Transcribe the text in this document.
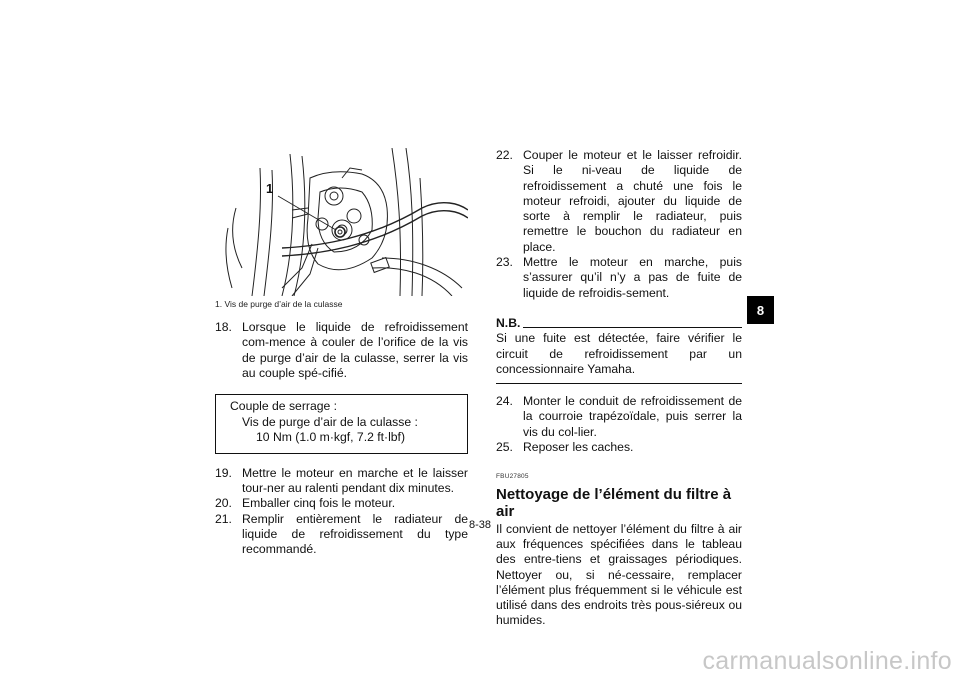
1
1. Vis de purge d’air de la culasse

18. Lorsque le liquide de refroidissement com-mence à couler de l’orifice de la vis de purge d’air de la culasse, serrer la vis au couple spé-cifié.

Couple de serrage :
Vis de purge d’air de la culasse :
10 Nm (1.0 m·kgf, 7.2 ft·lbf)

19. Mettre le moteur en marche et le laisser tour-ner au ralenti pendant dix minutes.

20. Emballer cinq fois le moteur.

21. Remplir entièrement le radiateur de liquide de refroidissement du type recommandé.

22. Couper le moteur et le laisser refroidir. Si le ni-veau de liquide de refroidissement a chuté une fois le moteur refroidi, ajouter du liquide de sorte à remplir le radiateur, puis remettre le bouchon du radiateur en place.

23. Mettre le moteur en marche, puis s’assurer qu’il n’y a pas de fuite de liquide de refroidis-sement.

N.B.
Si une fuite est détectée, faire vérifier le circuit de refroidissement par un concessionnaire Yamaha.

24. Monter le conduit de refroidissement de la courroie trapézoïdale, puis serrer la vis du col-lier.

25. Reposer les caches.

FBU27805
Nettoyage de l’élément du filtre à air
Il convient de nettoyer l’élément du filtre à air aux fréquences spécifiées dans le tableau des entre-tiens et graissages périodiques. Nettoyer ou, si né-cessaire, remplacer l’élément plus fréquemment si le véhicule est utilisé dans des endroits très pous-siéreux ou humides.
8
8-38
carmanualsonline.info
